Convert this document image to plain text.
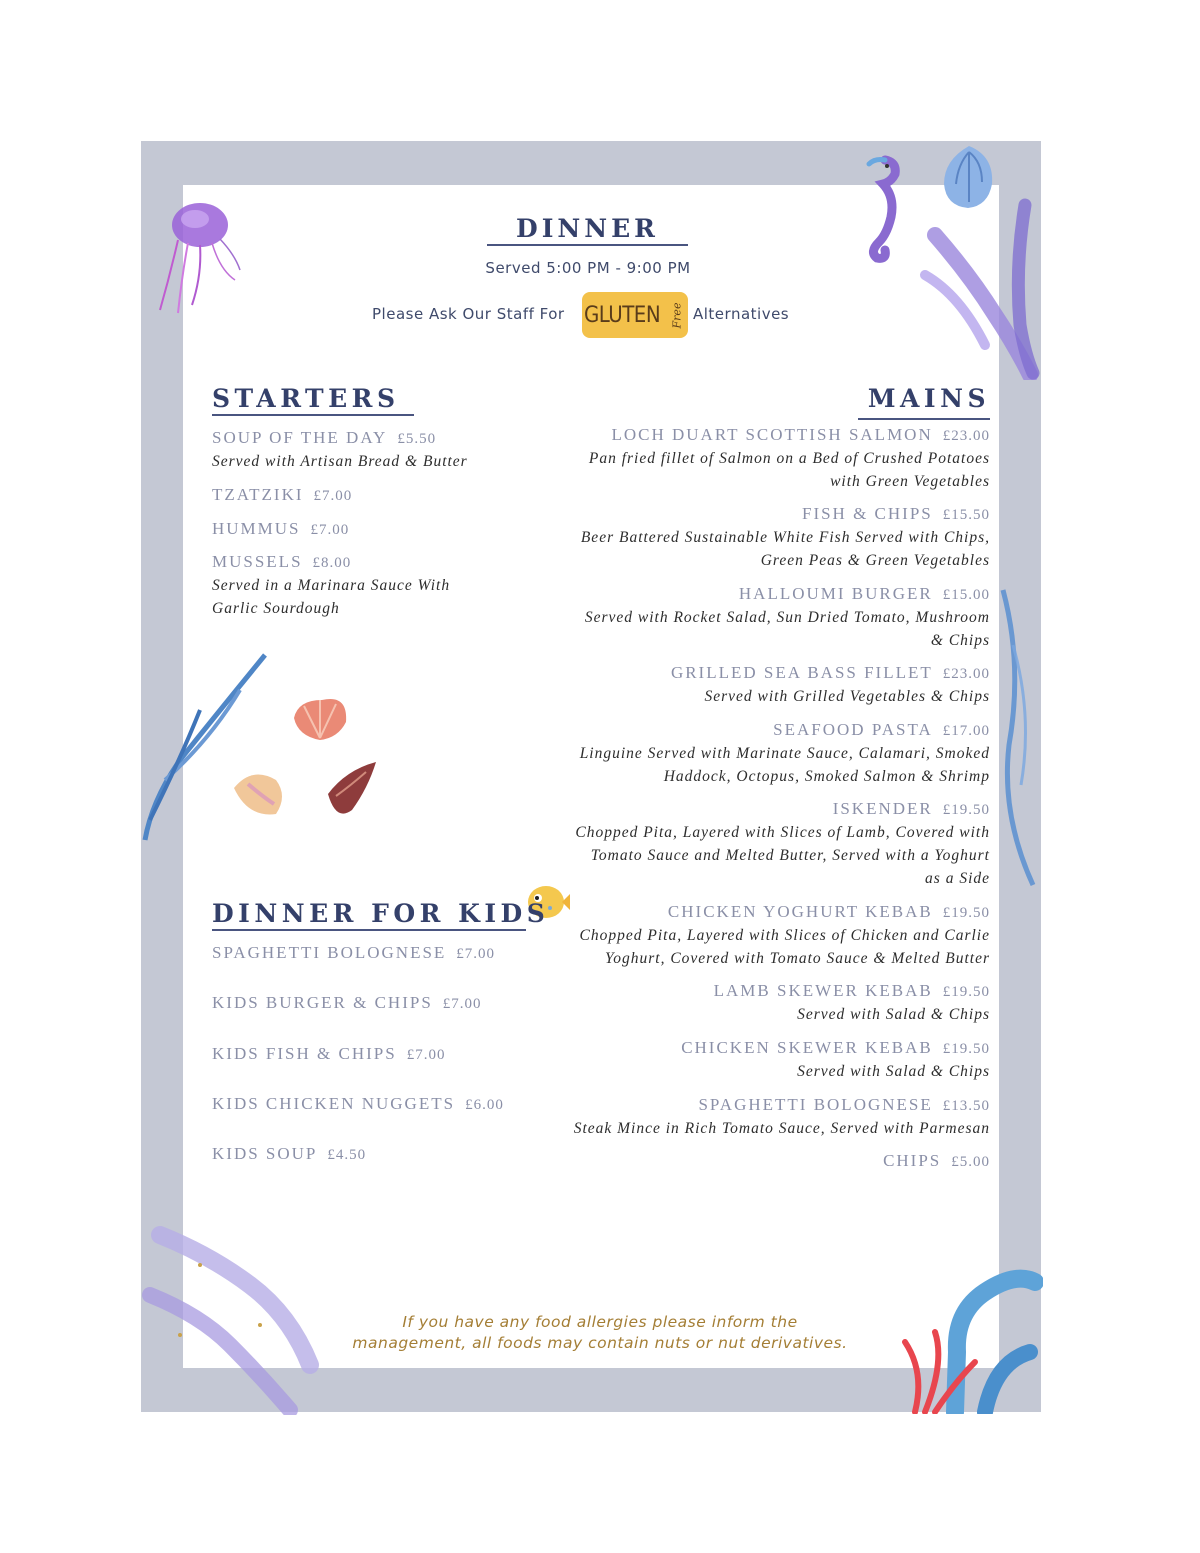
DINNER
Served 5:00 PM - 9:00 PM
Please Ask Our Staff For GLUTEN Free Alternatives
STARTERS
SOUP OF THE DAY £5.50
Served with Artisan Bread & Butter
TZATZIKI £7.00
HUMMUS £7.00
MUSSELS £8.00
Served in a Marinara Sauce With
Garlic Sourdough
DINNER FOR KIDS
SPAGHETTI BOLOGNESE £7.00
KIDS BURGER & CHIPS £7.00
KIDS FISH & CHIPS £7.00
KIDS CHICKEN NUGGETS £6.00
KIDS SOUP £4.50
MAINS
LOCH DUART SCOTTISH SALMON £23.00
Pan fried fillet of Salmon on a Bed of Crushed Potatoes
with Green Vegetables
FISH & CHIPS £15.50
Beer Battered Sustainable White Fish Served with Chips,
Green Peas & Green Vegetables
HALLOUMI BURGER £15.00
Served with Rocket Salad, Sun Dried Tomato, Mushroom
& Chips
GRILLED SEA BASS FILLET £23.00
Served with Grilled Vegetables & Chips
SEAFOOD PASTA £17.00
Linguine Served with Marinate Sauce, Calamari, Smoked
Haddock, Octopus, Smoked Salmon & Shrimp
ISKENDER £19.50
Chopped Pita, Layered with Slices of Lamb, Covered with
Tomato Sauce and Melted Butter, Served with a Yoghurt
as a Side
CHICKEN YOGHURT KEBAB £19.50
Chopped Pita, Layered with Slices of Chicken and Carlie
Yoghurt, Covered with Tomato Sauce & Melted Butter
LAMB SKEWER KEBAB £19.50
Served with Salad & Chips
CHICKEN SKEWER KEBAB £19.50
Served with Salad & Chips
SPAGHETTI BOLOGNESE £13.50
Steak Mince in Rich Tomato Sauce, Served with Parmesan
CHIPS £5.00
If you have any food allergies please inform the
management, all foods may contain nuts or nut derivatives.
